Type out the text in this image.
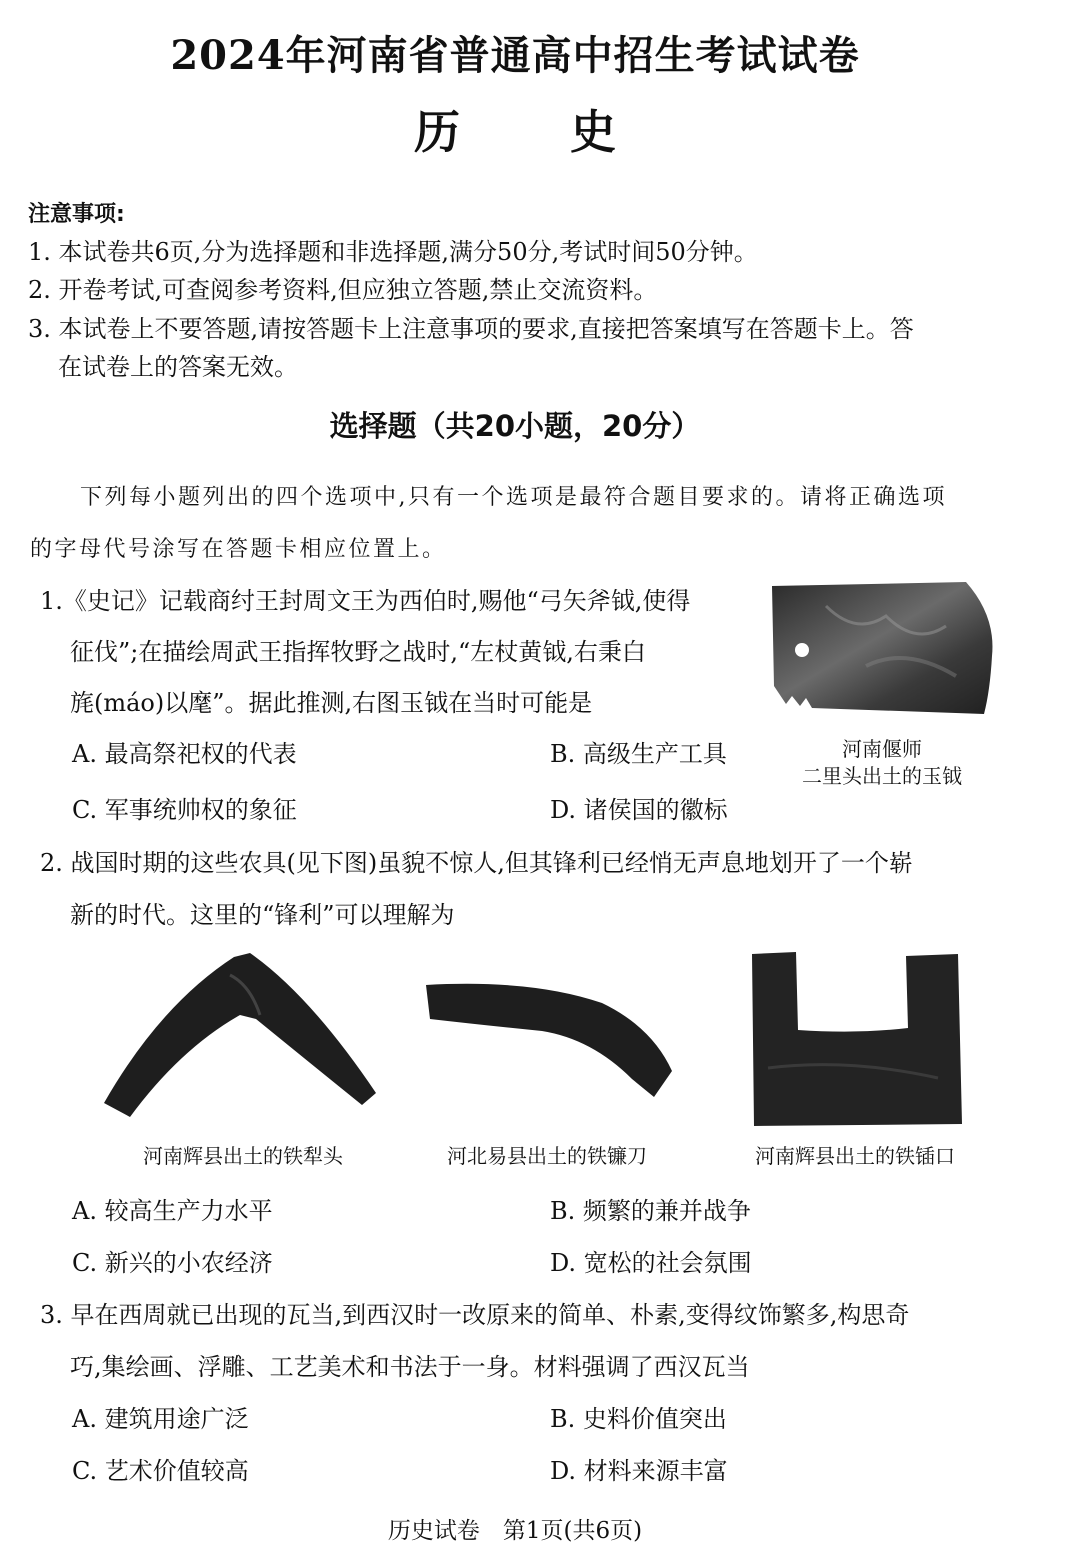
2024年河南省普通高中招生考试试卷
历史
注意事项:
1. 本试卷共6页,分为选择题和非选择题,满分50分,考试时间50分钟。
2. 开卷考试,可查阅参考资料,但应独立答题,禁止交流资料。
3. 本试卷上不要答题,请按答题卡上注意事项的要求,直接把答案填写在答题卡上。答
在试卷上的答案无效。
选择题（共20小题，20分）
下列每小题列出的四个选项中,只有一个选项是最符合题目要求的。请将正确选项
的字母代号涂写在答题卡相应位置上。
1.《史记》记载商纣王封周文王为西伯时,赐他“弓矢斧钺,使得
征伐”;在描绘周武王指挥牧野之战时,“左杖黄钺,右秉白
旄(máo)以麾”。据此推测,右图玉钺在当时可能是
A. 最高祭祀权的代表	B. 高级生产工具
C. 军事统帅权的象征	D. 诸侯国的徽标
河南偃师
二里头出土的玉钺
2. 战国时期的这些农具(见下图)虽貌不惊人,但其锋利已经悄无声息地划开了一个崭
新的时代。这里的“锋利”可以理解为
河南辉县出土的铁犁头	河北易县出土的铁镰刀	河南辉县出土的铁锸口
A. 较高生产力水平	B. 频繁的兼并战争
C. 新兴的小农经济	D. 宽松的社会氛围
3. 早在西周就已出现的瓦当,到西汉时一改原来的简单、朴素,变得纹饰繁多,构思奇
巧,集绘画、浮雕、工艺美术和书法于一身。材料强调了西汉瓦当
A. 建筑用途广泛	B. 史料价值突出
C. 艺术价值较高	D. 材料来源丰富
历史试卷　第1页(共6页)
